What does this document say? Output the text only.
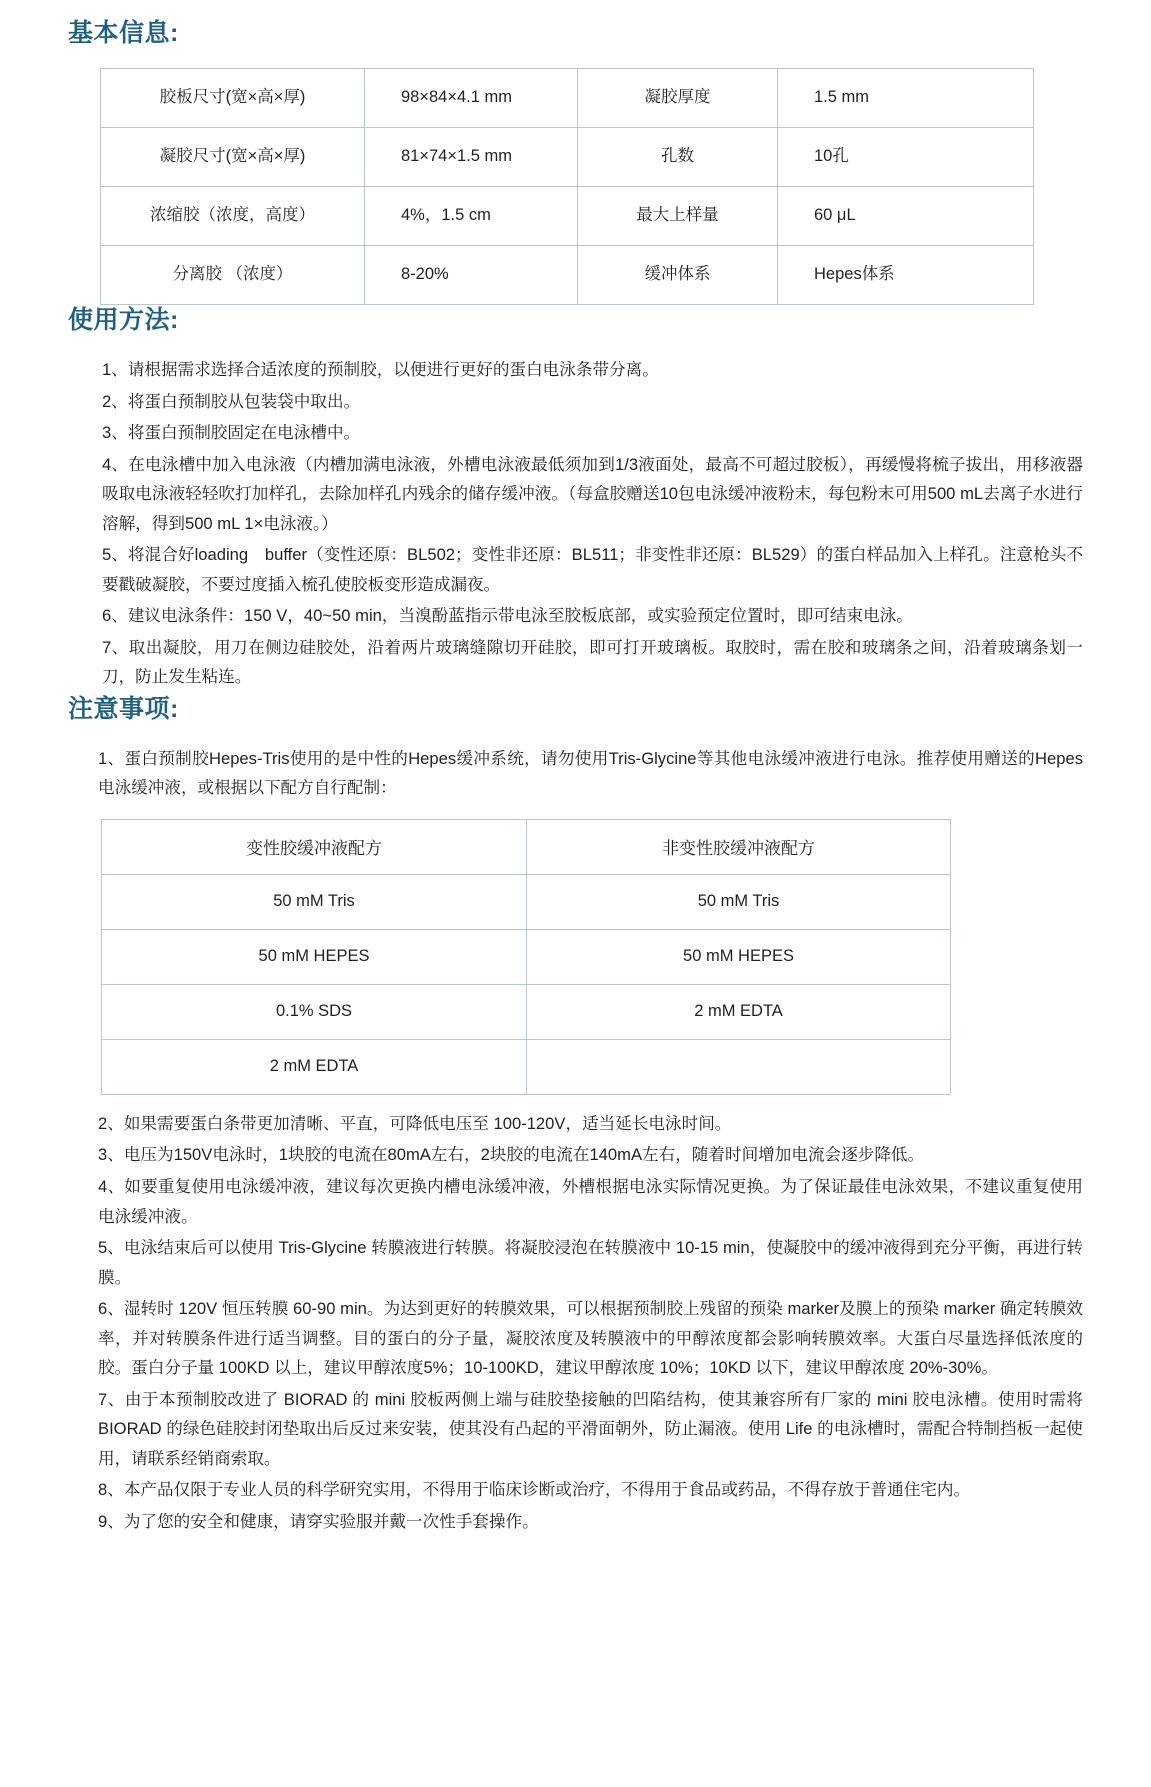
基本信息:
胶板尺寸(宽×高×厚)	98×84×4.1 mm	凝胶厚度	1.5 mm
凝胶尺寸(宽×高×厚)	81×74×1.5 mm	孔数	10孔
浓缩胶（浓度，高度）	4%，1.5 cm	最大上样量	60 μL
分离胶 （浓度）	8-20%	缓冲体系	Hepes体系
使用方法:

1、请根据需求选择合适浓度的预制胶，以便进行更好的蛋白电泳条带分离。

2、将蛋白预制胶从包装袋中取出。

3、将蛋白预制胶固定在电泳槽中。

4、在电泳槽中加入电泳液（内槽加满电泳液，外槽电泳液最低须加到1/3液面处，最高不可超过胶板），再缓慢将梳子拔出，用移液器吸取电泳液轻轻吹打加样孔，去除加样孔内残余的储存缓冲液。（每盒胶赠送10包电泳缓冲液粉末，每包粉末可用500 mL去离子水进行溶解，得到500 mL 1×电泳液。）

5、将混合好loading　buffer（变性还原：BL502；变性非还原：BL511；非变性非还原：BL529）的蛋白样品加入上样孔。注意枪头不要戳破凝胶，不要过度插入梳孔使胶板变形造成漏夜。

6、建议电泳条件：150 V，40~50 min，当溴酚蓝指示带电泳至胶板底部，或实验预定位置时，即可结束电泳。

7、取出凝胶，用刀在侧边硅胶处，沿着两片玻璃缝隙切开硅胶，即可打开玻璃板。取胶时，需在胶和玻璃条之间，沿着玻璃条划一刀，防止发生粘连。

注意事项:

1、蛋白预制胶Hepes-Tris使用的是中性的Hepes缓冲系统，请勿使用Tris-Glycine等其他电泳缓冲液进行电泳。推荐使用赠送的Hepes电泳缓冲液，或根据以下配方自行配制：

变性胶缓冲液配方	非变性胶缓冲液配方
50 mM Tris	50 mM Tris
50 mM HEPES	50 mM HEPES
0.1% SDS	2 mM EDTA
2 mM EDTA	

2、如果需要蛋白条带更加清晰、平直，可降低电压至 100-120V，适当延长电泳时间。

3、电压为150V电泳时，1块胶的电流在80mA左右，2块胶的电流在140mA左右，随着时间增加电流会逐步降低。

4、如要重复使用电泳缓冲液，建议每次更换内槽电泳缓冲液，外槽根据电泳实际情况更换。为了保证最佳电泳效果，不建议重复使用电泳缓冲液。

5、电泳结束后可以使用 Tris-Glycine 转膜液进行转膜。将凝胶浸泡在转膜液中 10-15 min，使凝胶中的缓冲液得到充分平衡，再进行转膜。

6、湿转时 120V 恒压转膜 60-90 min。为达到更好的转膜效果，可以根据预制胶上残留的预染 marker及膜上的预染 marker 确定转膜效率，并对转膜条件进行适当调整。目的蛋白的分子量，凝胶浓度及转膜液中的甲醇浓度都会影响转膜效率。大蛋白尽量选择低浓度的胶。蛋白分子量 100KD 以上，建议甲醇浓度5%；10-100KD，建议甲醇浓度 10%；10KD 以下，建议甲醇浓度 20%-30%。

7、由于本预制胶改进了 BIORAD 的 mini 胶板两侧上端与硅胶垫接触的凹陷结构，使其兼容所有厂家的 mini 胶电泳槽。使用时需将 BIORAD 的绿色硅胶封闭垫取出后反过来安装，使其没有凸起的平滑面朝外，防止漏液。使用 Life 的电泳槽时，需配合特制挡板一起使用，请联系经销商索取。

8、本产品仅限于专业人员的科学研究实用，不得用于临床诊断或治疗，不得用于食品或药品，不得存放于普通住宅内。

9、为了您的安全和健康，请穿实验服并戴一次性手套操作。
